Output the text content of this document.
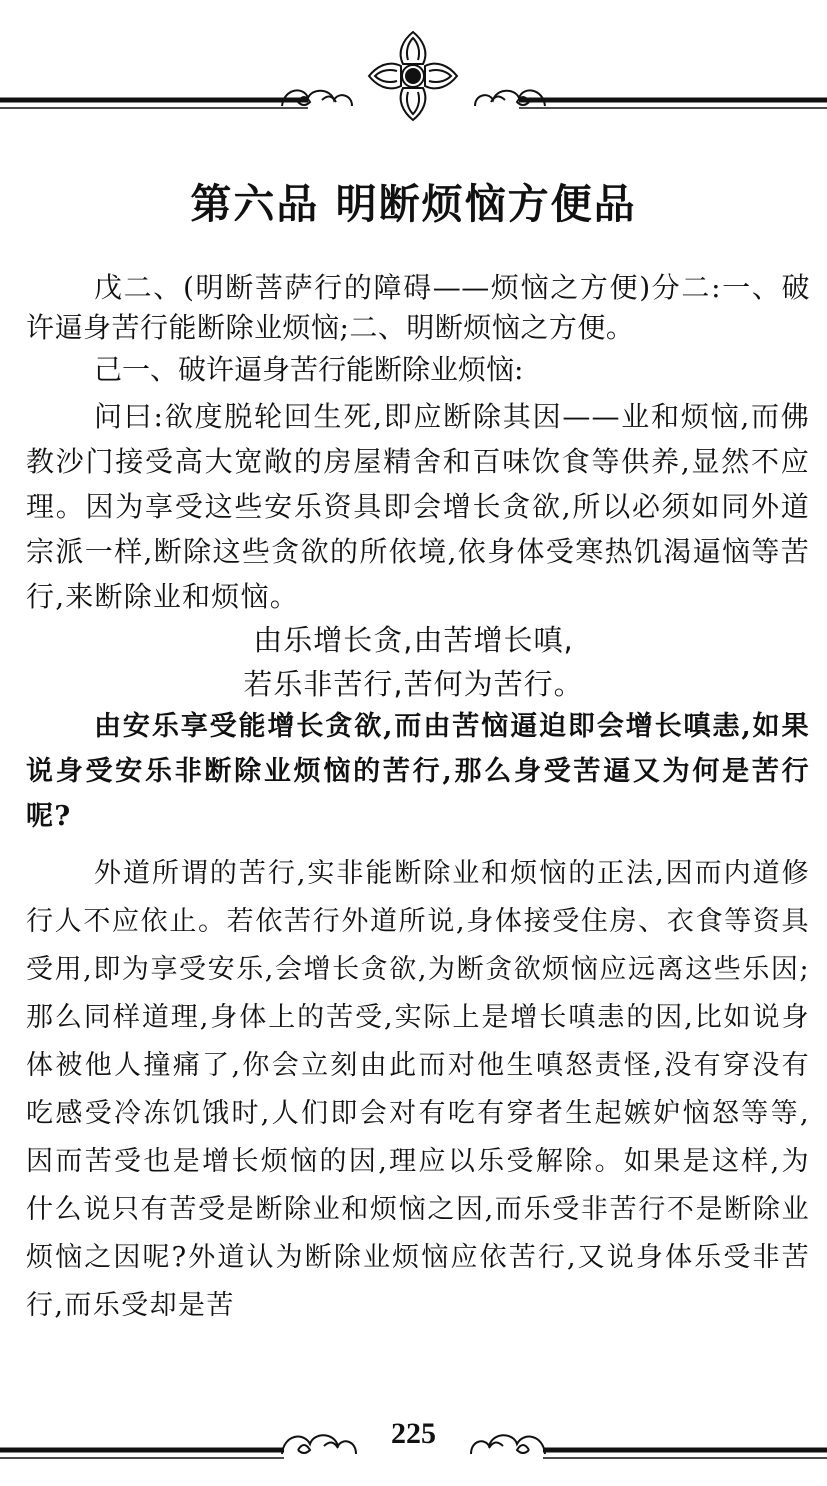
第六品 明断烦恼方便品

戊二、(明断菩萨行的障碍——烦恼之方便)分二:一、破许逼身苦行能断除业烦恼;二、明断烦恼之方便。

己一、破许逼身苦行能断除业烦恼:

问曰:欲度脱轮回生死,即应断除其因——业和烦恼,而佛教沙门接受高大宽敞的房屋精舍和百味饮食等供养,显然不应理。因为享受这些安乐资具即会增长贪欲,所以必须如同外道宗派一样,断除这些贪欲的所依境,依身体受寒热饥渴逼恼等苦行,来断除业和烦恼。

由乐增长贪,由苦增长嗔,
若乐非苦行,苦何为苦行。

由安乐享受能增长贪欲,而由苦恼逼迫即会增长嗔恚,如果说身受安乐非断除业烦恼的苦行,那么身受苦逼又为何是苦行呢?

外道所谓的苦行,实非能断除业和烦恼的正法,因而内道修行人不应依止。若依苦行外道所说,身体接受住房、衣食等资具受用,即为享受安乐,会增长贪欲,为断贪欲烦恼应远离这些乐因;那么同样道理,身体上的苦受,实际上是增长嗔恚的因,比如说身体被他人撞痛了,你会立刻由此而对他生嗔怒责怪,没有穿没有吃感受冷冻饥饿时,人们即会对有吃有穿者生起嫉妒恼怒等等,因而苦受也是增长烦恼的因,理应以乐受解除。如果是这样,为什么说只有苦受是断除业和烦恼之因,而乐受非苦行不是断除业烦恼之因呢?外道认为断除业烦恼应依苦行,又说身体乐受非苦行,而乐受却是苦

225
